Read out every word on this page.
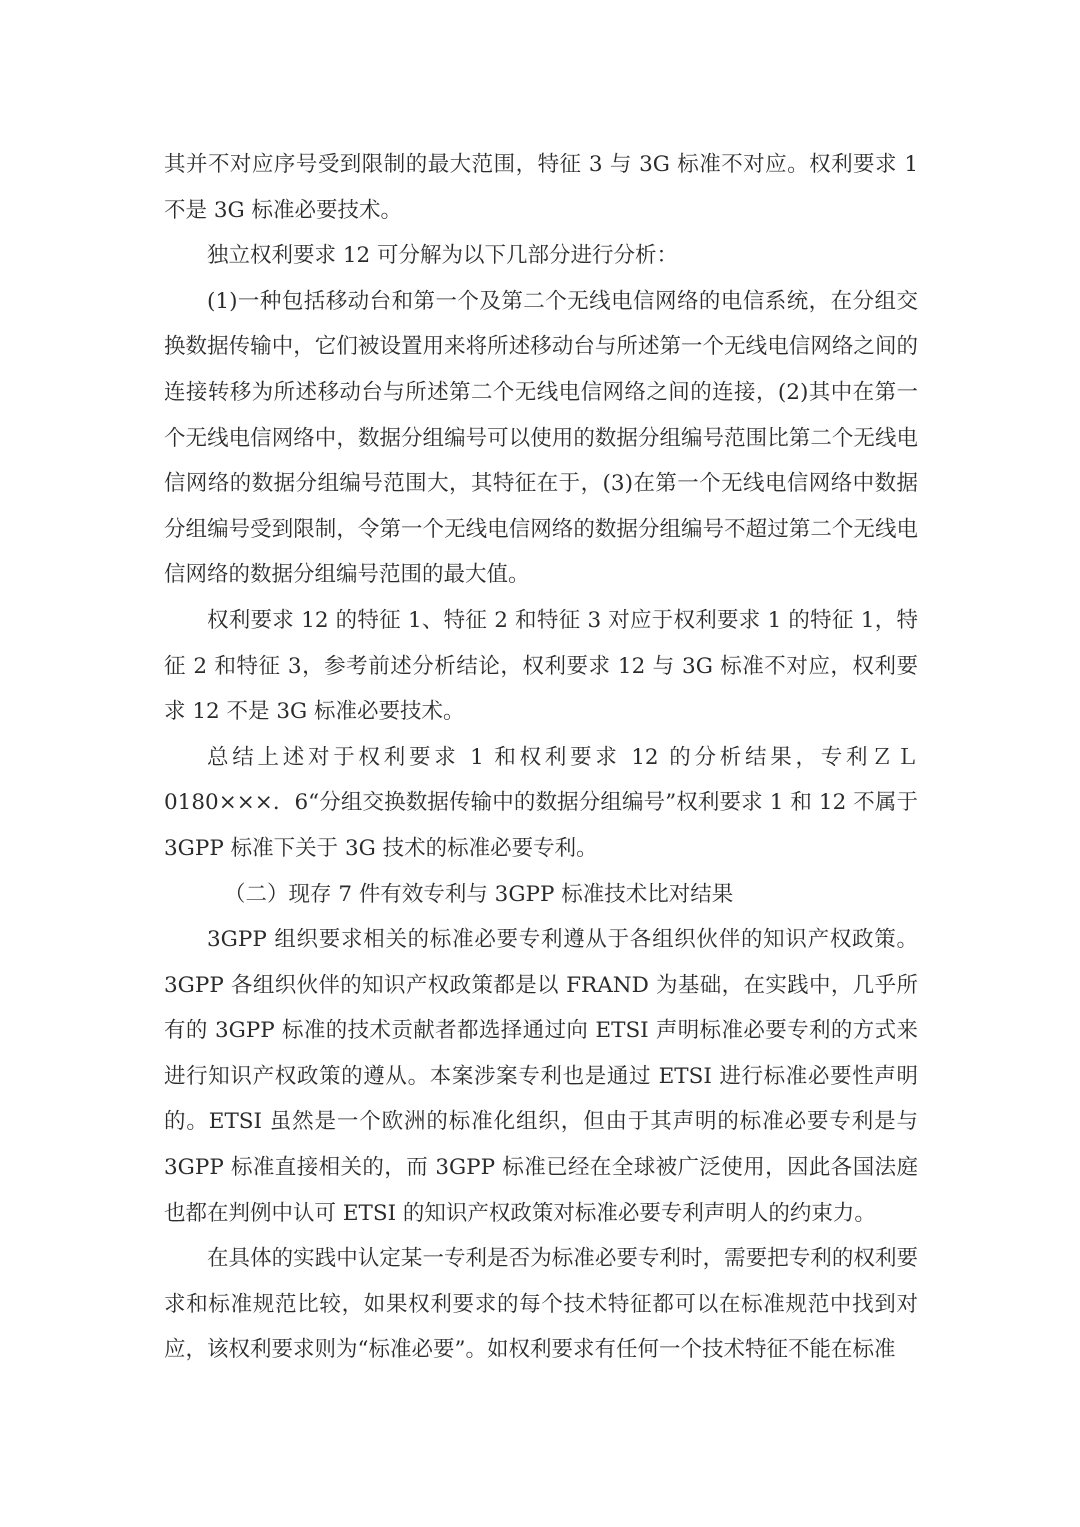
其并不对应序号受到限制的最大范围，特征 3 与 3G 标准不对应。权利要求 1 不是 3G 标准必要技术。

独立权利要求 12 可分解为以下几部分进行分析：

(1)一种包括移动台和第一个及第二个无线电信网络的电信系统，在分组交换数据传输中，它们被设置用来将所述移动台与所述第一个无线电信网络之间的连接转移为所述移动台与所述第二个无线电信网络之间的连接，(2)其中在第一个无线电信网络中，数据分组编号可以使用的数据分组编号范围比第二个无线电信网络的数据分组编号范围大，其特征在于，(3)在第一个无线电信网络中数据分组编号受到限制，令第一个无线电信网络的数据分组编号不超过第二个无线电信网络的数据分组编号范围的最大值。

权利要求 12 的特征 1、特征 2 和特征 3 对应于权利要求 1 的特征 1，特征 2 和特征 3，参考前述分析结论，权利要求 12 与 3G 标准不对应，权利要求 12 不是 3G 标准必要技术。

总结上述对于权利要求 1 和权利要求 12 的分析结果，专利ＺＬ0180×××．6“分组交换数据传输中的数据分组编号”权利要求 1 和 12 不属于 3GPP 标准下关于 3G 技术的标准必要专利。

（二）现存 7 件有效专利与 3GPP 标准技术比对结果

3GPP 组织要求相关的标准必要专利遵从于各组织伙伴的知识产权政策。3GPP 各组织伙伴的知识产权政策都是以 FRAND 为基础，在实践中，几乎所有的 3GPP 标准的技术贡献者都选择通过向 ETSI 声明标准必要专利的方式来进行知识产权政策的遵从。本案涉案专利也是通过 ETSI 进行标准必要性声明的。ETSI 虽然是一个欧洲的标准化组织，但由于其声明的标准必要专利是与 3GPP 标准直接相关的，而 3GPP 标准已经在全球被广泛使用，因此各国法庭也都在判例中认可 ETSI 的知识产权政策对标准必要专利声明人的约束力。

在具体的实践中认定某一专利是否为标准必要专利时，需要把专利的权利要求和标准规范比较，如果权利要求的每个技术特征都可以在标准规范中找到对应，该权利要求则为“标准必要”。如权利要求有任何一个技术特征不能在标准
